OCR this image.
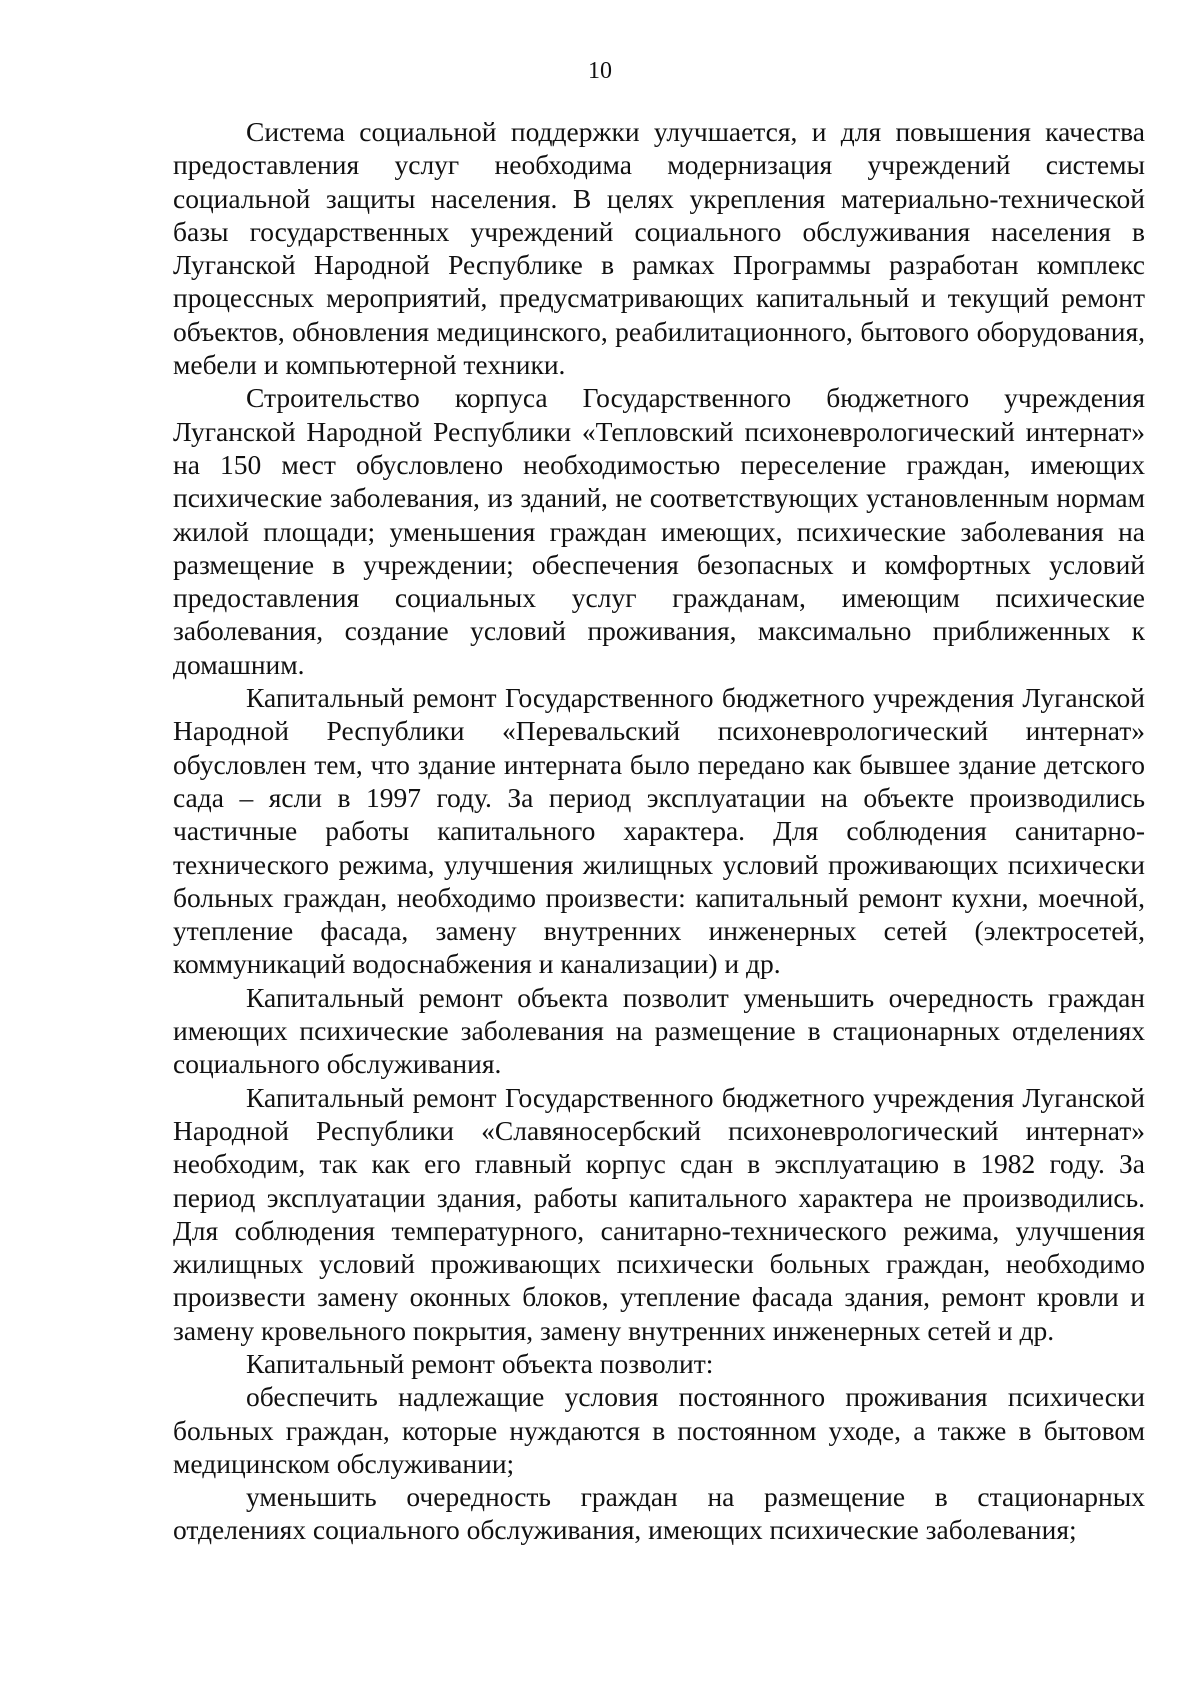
10

Система социальной поддержки улучшается, и для повышения качества предоставления услуг необходима модернизация учреждений системы социальной защиты населения. В целях укрепления материально-технической базы государственных учреждений социального обслуживания населения в Луганской Народной Республике в рамках Программы разработан комплекс процессных мероприятий, предусматривающих капитальный и текущий ремонт объектов, обновления медицинского, реабилитационного, бытового оборудования, мебели и компьютерной техники.

Строительство корпуса Государственного бюджетного учреждения Луганской Народной Республики «Тепловский психоневрологический интернат» на 150 мест обусловлено необходимостью переселение граждан, имеющих психические заболевания, из зданий, не соответствующих установленным нормам жилой площади; уменьшения граждан имеющих, психические заболевания на размещение в учреждении; обеспечения безопасных и комфортных условий предоставления социальных услуг гражданам, имеющим психические заболевания, создание условий проживания, максимально приближенных к домашним.

Капитальный ремонт Государственного бюджетного учреждения Луганской Народной Республики «Перевальский психоневрологический интернат» обусловлен тем, что здание интерната было передано как бывшее здание детского сада – ясли в 1997 году. За период эксплуатации на объекте производились частичные работы капитального характера. Для соблюдения санитарно-технического режима, улучшения жилищных условий проживающих психически больных граждан, необходимо произвести: капитальный ремонт кухни, моечной, утепление фасада, замену внутренних инженерных сетей (электросетей, коммуникаций водоснабжения и канализации) и др.

Капитальный ремонт объекта позволит уменьшить очередность граждан имеющих психические заболевания на размещение в стационарных отделениях социального обслуживания.

Капитальный ремонт Государственного бюджетного учреждения Луганской Народной Республики «Славяносербский психоневрологический интернат» необходим, так как его главный корпус сдан в эксплуатацию в 1982 году. За период эксплуатации здания, работы капитального характера не производились. Для соблюдения температурного, санитарно-технического режима, улучшения жилищных условий проживающих психически больных граждан, необходимо произвести замену оконных блоков, утепление фасада здания, ремонт кровли и замену кровельного покрытия, замену внутренних инженерных сетей и др.

Капитальный ремонт объекта позволит:

обеспечить надлежащие условия постоянного проживания психически больных граждан, которые нуждаются в постоянном уходе, а также в бытовом медицинском обслуживании;

уменьшить очередность граждан на размещение в стационарных отделениях социального обслуживания, имеющих психические заболевания;
